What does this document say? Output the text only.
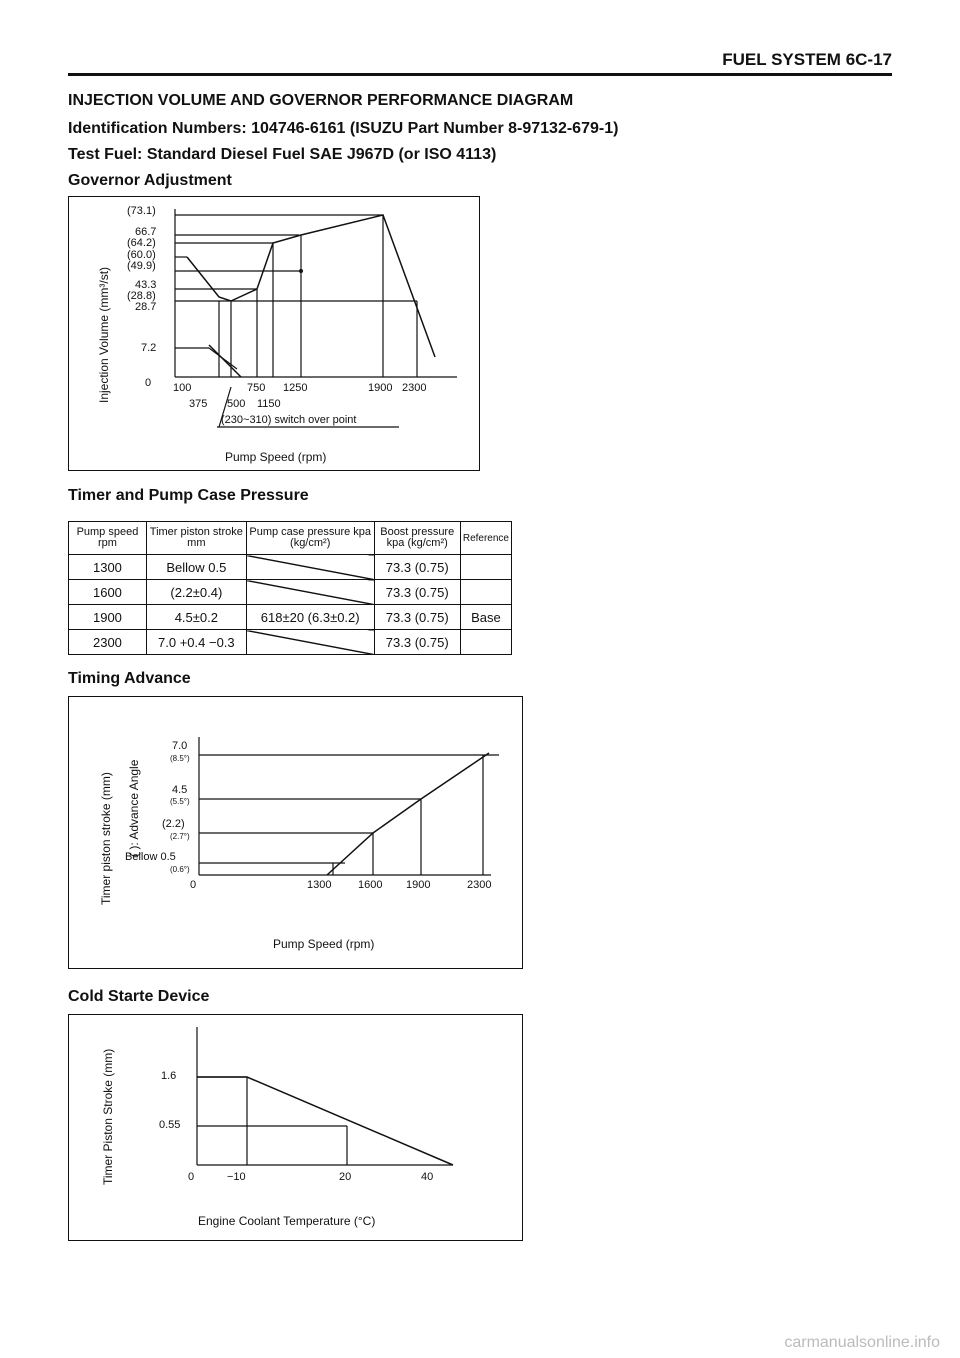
FUEL SYSTEM 6C-17
INJECTION VOLUME AND GOVERNOR PERFORMANCE DIAGRAM
Identification Numbers: 104746-6161 (ISUZU Part Number 8-97132-679-1)
Test Fuel: Standard Diesel Fuel SAE J967D (or ISO 4113)
Governor Adjustment
Injection Volume (mm³/st)
(73.1)
66.7
(64.2)
(60.0)
(49.9)
43.3
(28.8)
28.7
7.2
0 100	750 1250	1900 2300
375 500 1150
(230~310) switch over point
Pump Speed (rpm)
Timer and Pump Case Pressure
Pump speed rpm	Timer piston stroke mm	Pump case pressure kpa (kg/cm²)	Boost pressure kpa (kg/cm²)	Reference
1300	Bellow 0.5		73.3 (0.75)	
1600	(2.2±0.4)		73.3 (0.75)	
1900	4.5±0.2	618±20 (6.3±0.2)	73.3 (0.75)	Base
2300	7.0 +0.4 −0.3		73.3 (0.75)	
Timing Advance
Timer piston stroke (mm) ( ): Advance Angle
7.0
(8.5°)
4.5
(5.5°)
(2.2)
(2.7°)
Bellow 0.5
(0.6°)
0	1300 1600 1900	2300
Pump Speed (rpm)
Cold Starte Device
Timer Piston Stroke (mm)	1.6
0.55
0	−10	20	40
Engine Coolant Temperature (°C)
carmanualsonline.info
